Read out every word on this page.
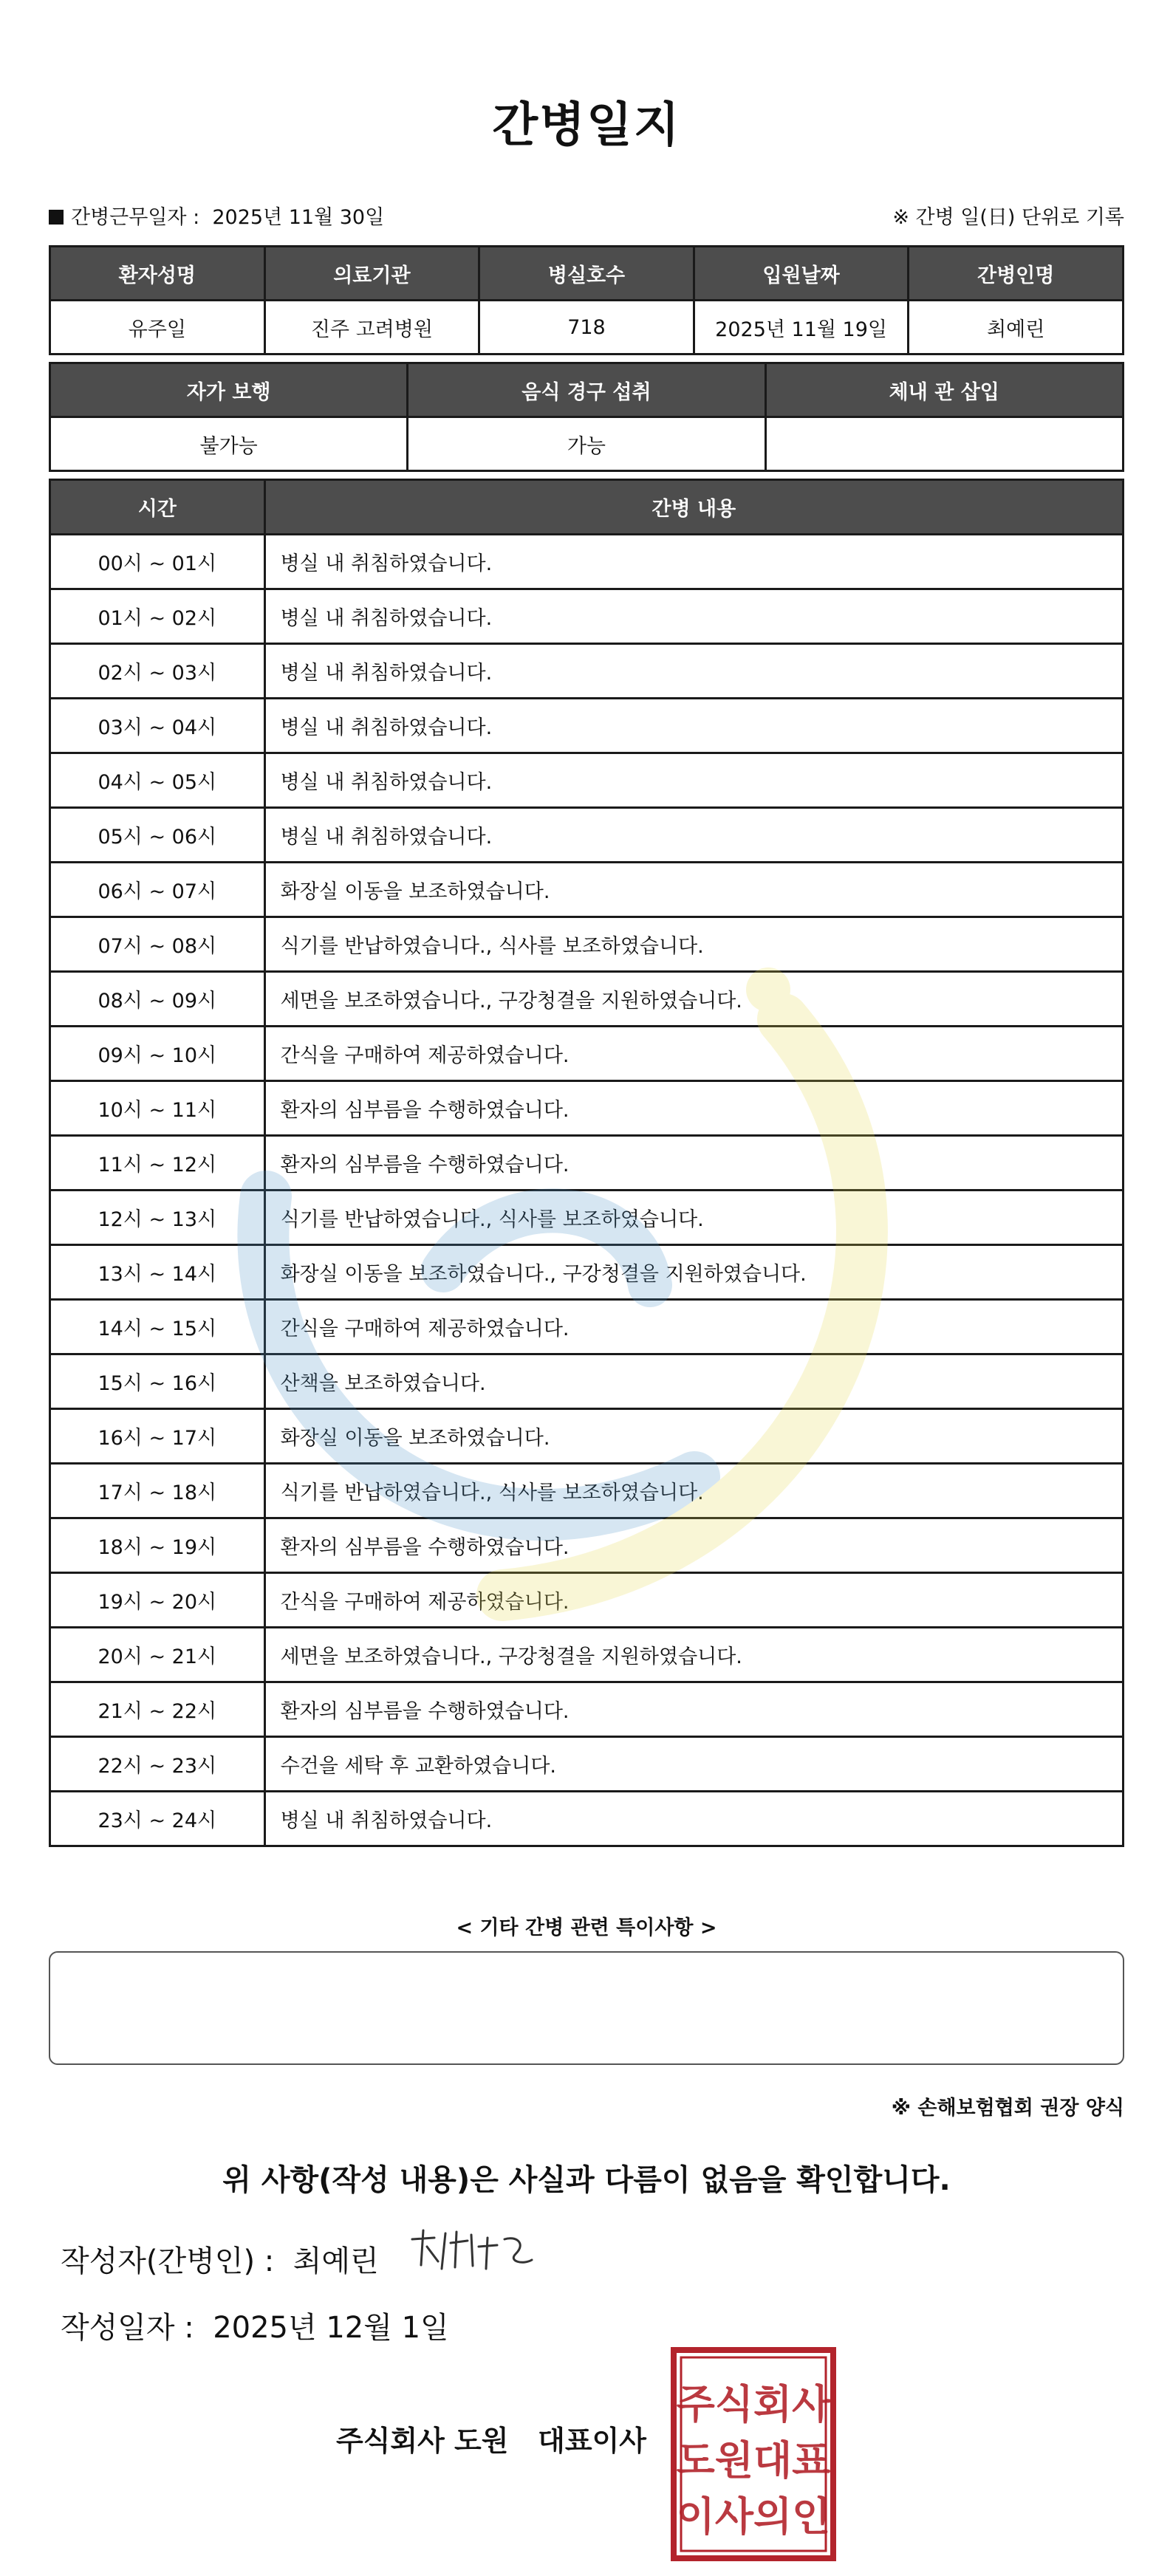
간병일지
간병근무일자 : 2025년 11월 30일	※ 간병 일(日) 단위로 기록
환자성명	의료기관	병실호수	입원날짜	간병인명
유주일	진주 고려병원	718	2025년 11월 19일	최예린
자가 보행	음식 경구 섭취	체내 관 삽입
불가능	가능	
시간	간병 내용
00시 ~ 01시	병실 내 취침하였습니다.
01시 ~ 02시	병실 내 취침하였습니다.
02시 ~ 03시	병실 내 취침하였습니다.
03시 ~ 04시	병실 내 취침하였습니다.
04시 ~ 05시	병실 내 취침하였습니다.
05시 ~ 06시	병실 내 취침하였습니다.
06시 ~ 07시	화장실 이동을 보조하였습니다.
07시 ~ 08시	식기를 반납하였습니다., 식사를 보조하였습니다.
08시 ~ 09시	세면을 보조하였습니다., 구강청결을 지원하였습니다.
09시 ~ 10시	간식을 구매하여 제공하였습니다.
10시 ~ 11시	환자의 심부름을 수행하였습니다.
11시 ~ 12시	환자의 심부름을 수행하였습니다.
12시 ~ 13시	식기를 반납하였습니다., 식사를 보조하였습니다.
13시 ~ 14시	화장실 이동을 보조하였습니다., 구강청결을 지원하였습니다.
14시 ~ 15시	간식을 구매하여 제공하였습니다.
15시 ~ 16시	산책을 보조하였습니다.
16시 ~ 17시	화장실 이동을 보조하였습니다.
17시 ~ 18시	식기를 반납하였습니다., 식사를 보조하였습니다.
18시 ~ 19시	환자의 심부름을 수행하였습니다.
19시 ~ 20시	간식을 구매하여 제공하였습니다.
20시 ~ 21시	세면을 보조하였습니다., 구강청결을 지원하였습니다.
21시 ~ 22시	환자의 심부름을 수행하였습니다.
22시 ~ 23시	수건을 세탁 후 교환하였습니다.
23시 ~ 24시	병실 내 취침하였습니다.
< 기타 간병 관련 특이사항 >
※ 손해보험협회 권장 양식
위 사항(작성 내용)은 사실과 다름이 없음을 확인합니다.
작성자(간병인) : 최예린
작성일자 : 2025년 12월 1일
주식회사 도원   대표이사
주식회사
도원대표
이사의인
